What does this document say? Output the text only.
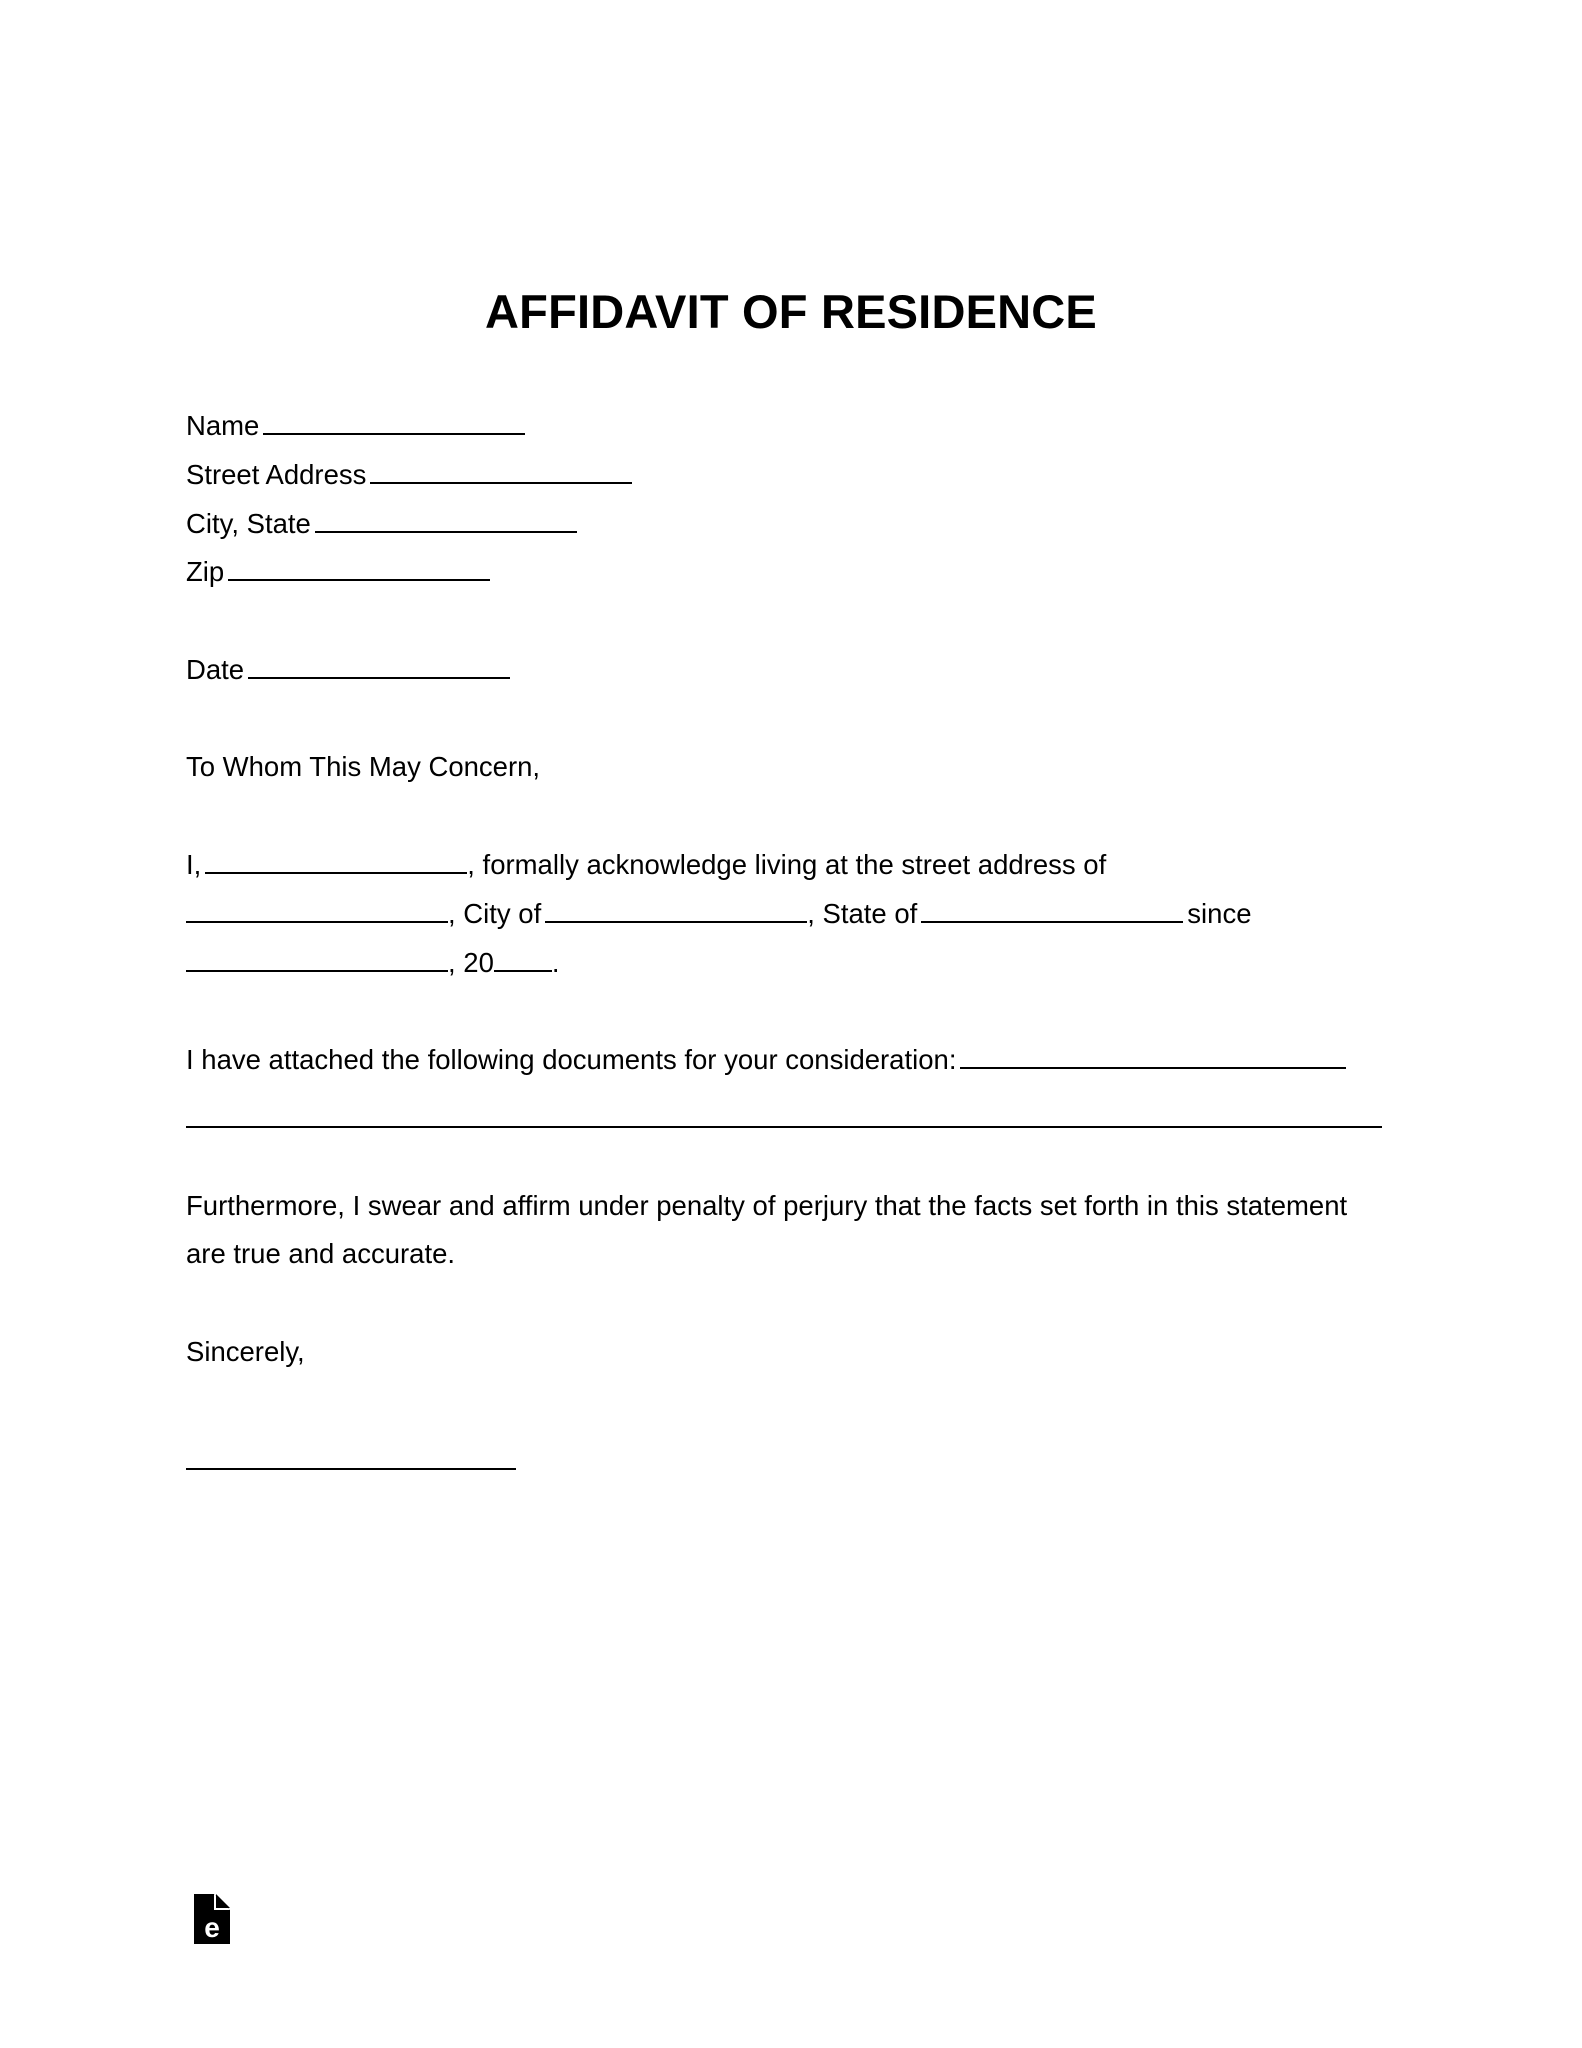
AFFIDAVIT OF RESIDENCE

Name

Street Address

City, State

Zip

Date

To Whom This May Concern,

I,	, formally acknowledge living at the street address of

, City of	, State of	since

, 20 .

I have attached the following documents for your consideration:

Furthermore, I swear and affirm under penalty of perjury that the facts set forth in this statement

are true and accurate.

Sincerely,

e
